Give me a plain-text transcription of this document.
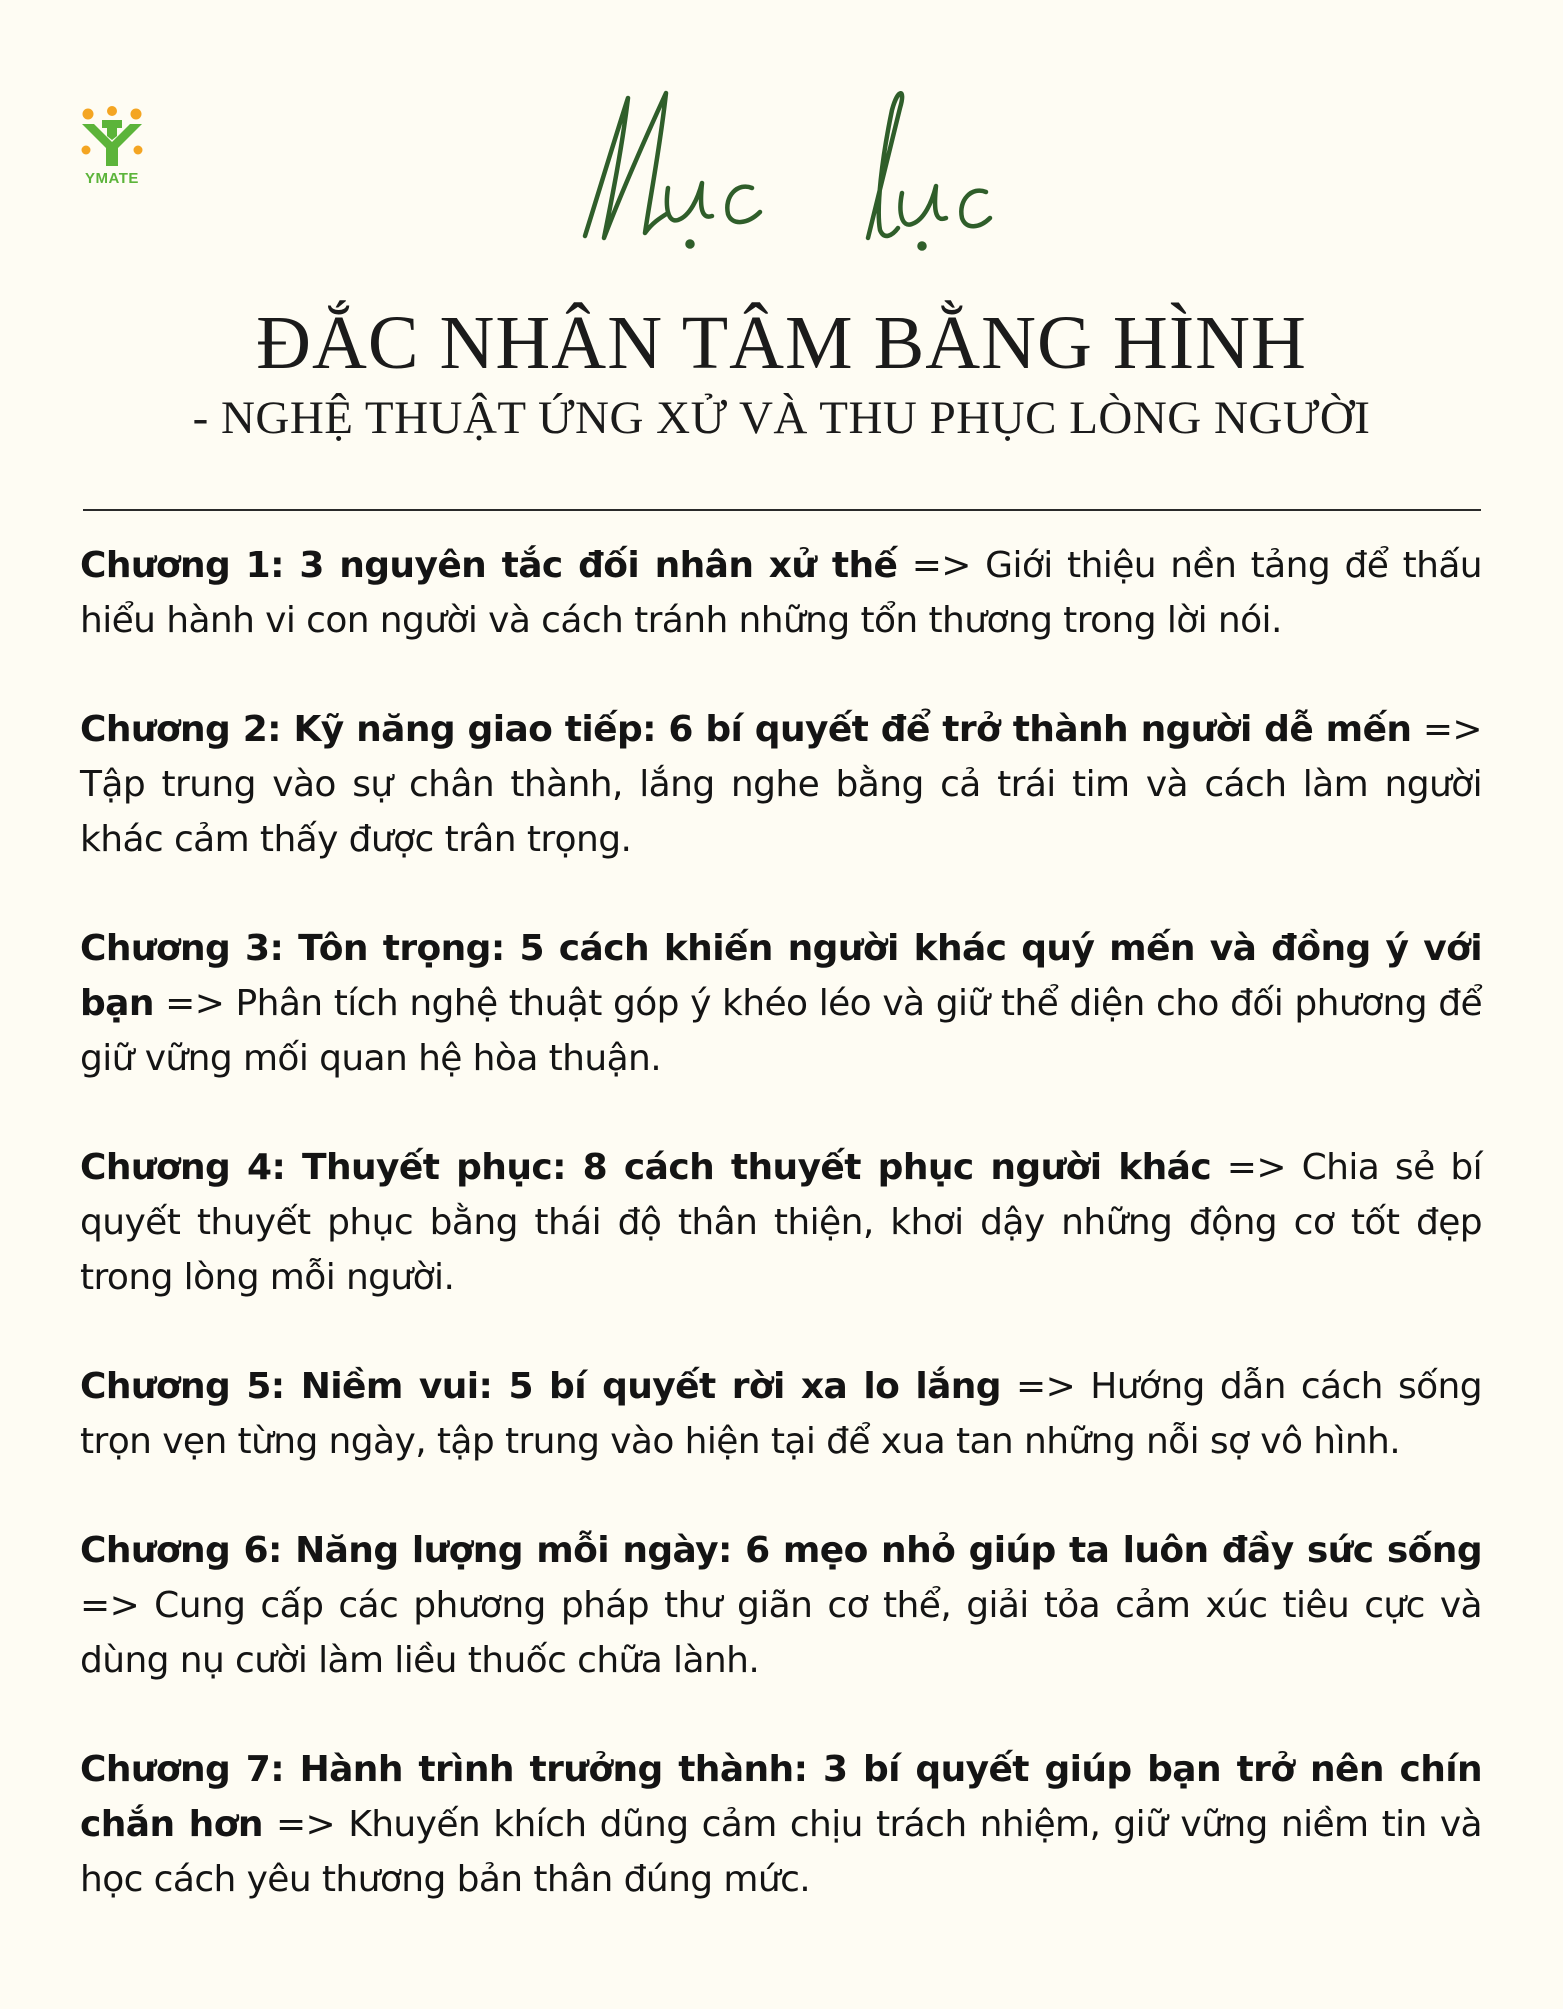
YMATE
ĐẮC NHÂN TÂM BẰNG HÌNH
- NGHỆ THUẬT ỨNG XỬ VÀ THU PHỤC LÒNG NGƯỜI

Chương 1: 3 nguyên tắc đối nhân xử thế => Giới thiệu nền tảng để thấu hiểu hành vi con người và cách tránh những tổn thương trong lời nói.

Chương 2: Kỹ năng giao tiếp: 6 bí quyết để trở thành người dễ mến => Tập trung vào sự chân thành, lắng nghe bằng cả trái tim và cách làm người khác cảm thấy được trân trọng.

Chương 3: Tôn trọng: 5 cách khiến người khác quý mến và đồng ý với bạn => Phân tích nghệ thuật góp ý khéo léo và giữ thể diện cho đối phương để giữ vững mối quan hệ hòa thuận.

Chương 4: Thuyết phục: 8 cách thuyết phục người khác => Chia sẻ bí quyết thuyết phục bằng thái độ thân thiện, khơi dậy những động cơ tốt đẹp trong lòng mỗi người.

Chương 5: Niềm vui: 5 bí quyết rời xa lo lắng => Hướng dẫn cách sống trọn vẹn từng ngày, tập trung vào hiện tại để xua tan những nỗi sợ vô hình.

Chương 6: Năng lượng mỗi ngày: 6 mẹo nhỏ giúp ta luôn đầy sức sống => Cung cấp các phương pháp thư giãn cơ thể, giải tỏa cảm xúc tiêu cực và dùng nụ cười làm liều thuốc chữa lành.

Chương 7: Hành trình trưởng thành: 3 bí quyết giúp bạn trở nên chín chắn hơn => Khuyến khích dũng cảm chịu trách nhiệm, giữ vững niềm tin và học cách yêu thương bản thân đúng mức.
